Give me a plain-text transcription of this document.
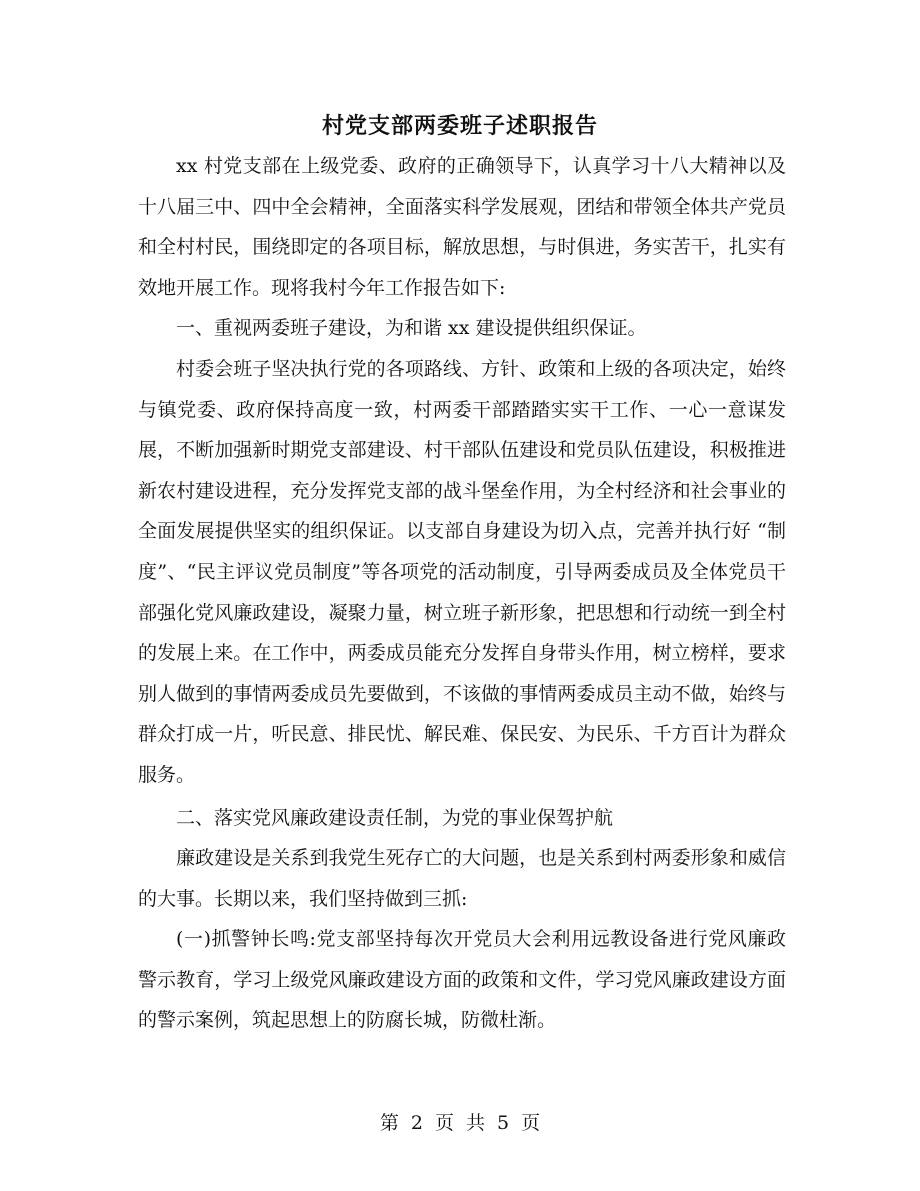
村党支部两委班子述职报告

xx 村党支部在上级党委、政府的正确领导下，认真学习十八大精神以及十八届三中、四中全会精神，全面落实科学发展观，团结和带领全体共产党员和全村村民，围绕即定的各项目标，解放思想，与时俱进，务实苦干，扎实有效地开展工作。现将我村今年工作报告如下:

一、重视两委班子建设，为和谐 xx 建设提供组织保证。

村委会班子坚决执行党的各项路线、方针、政策和上级的各项决定，始终与镇党委、政府保持高度一致，村两委干部踏踏实实干工作、一心一意谋发展，不断加强新时期党支部建设、村干部队伍建设和党员队伍建设，积极推进新农村建设进程，充分发挥党支部的战斗堡垒作用，为全村经济和社会事业的全面发展提供坚实的组织保证。以支部自身建设为切入点，完善并执行好 “制度”、“民主评议党员制度”等各项党的活动制度，引导两委成员及全体党员干部强化党风廉政建设，凝聚力量，树立班子新形象，把思想和行动统一到全村的发展上来。在工作中，两委成员能充分发挥自身带头作用，树立榜样，要求别人做到的事情两委成员先要做到，不该做的事情两委成员主动不做，始终与群众打成一片，听民意、排民忧、解民难、保民安、为民乐、千方百计为群众服务。

二、落实党风廉政建设责任制，为党的事业保驾护航

廉政建设是关系到我党生死存亡的大问题，也是关系到村两委形象和威信的大事。长期以来，我们坚持做到三抓:

(一)抓警钟长鸣:党支部坚持每次开党员大会利用远教设备进行党风廉政警示教育，学习上级党风廉政建设方面的政策和文件，学习党风廉政建设方面的警示案例，筑起思想上的防腐长城，防微杜渐。

第 2 页 共 5 页
